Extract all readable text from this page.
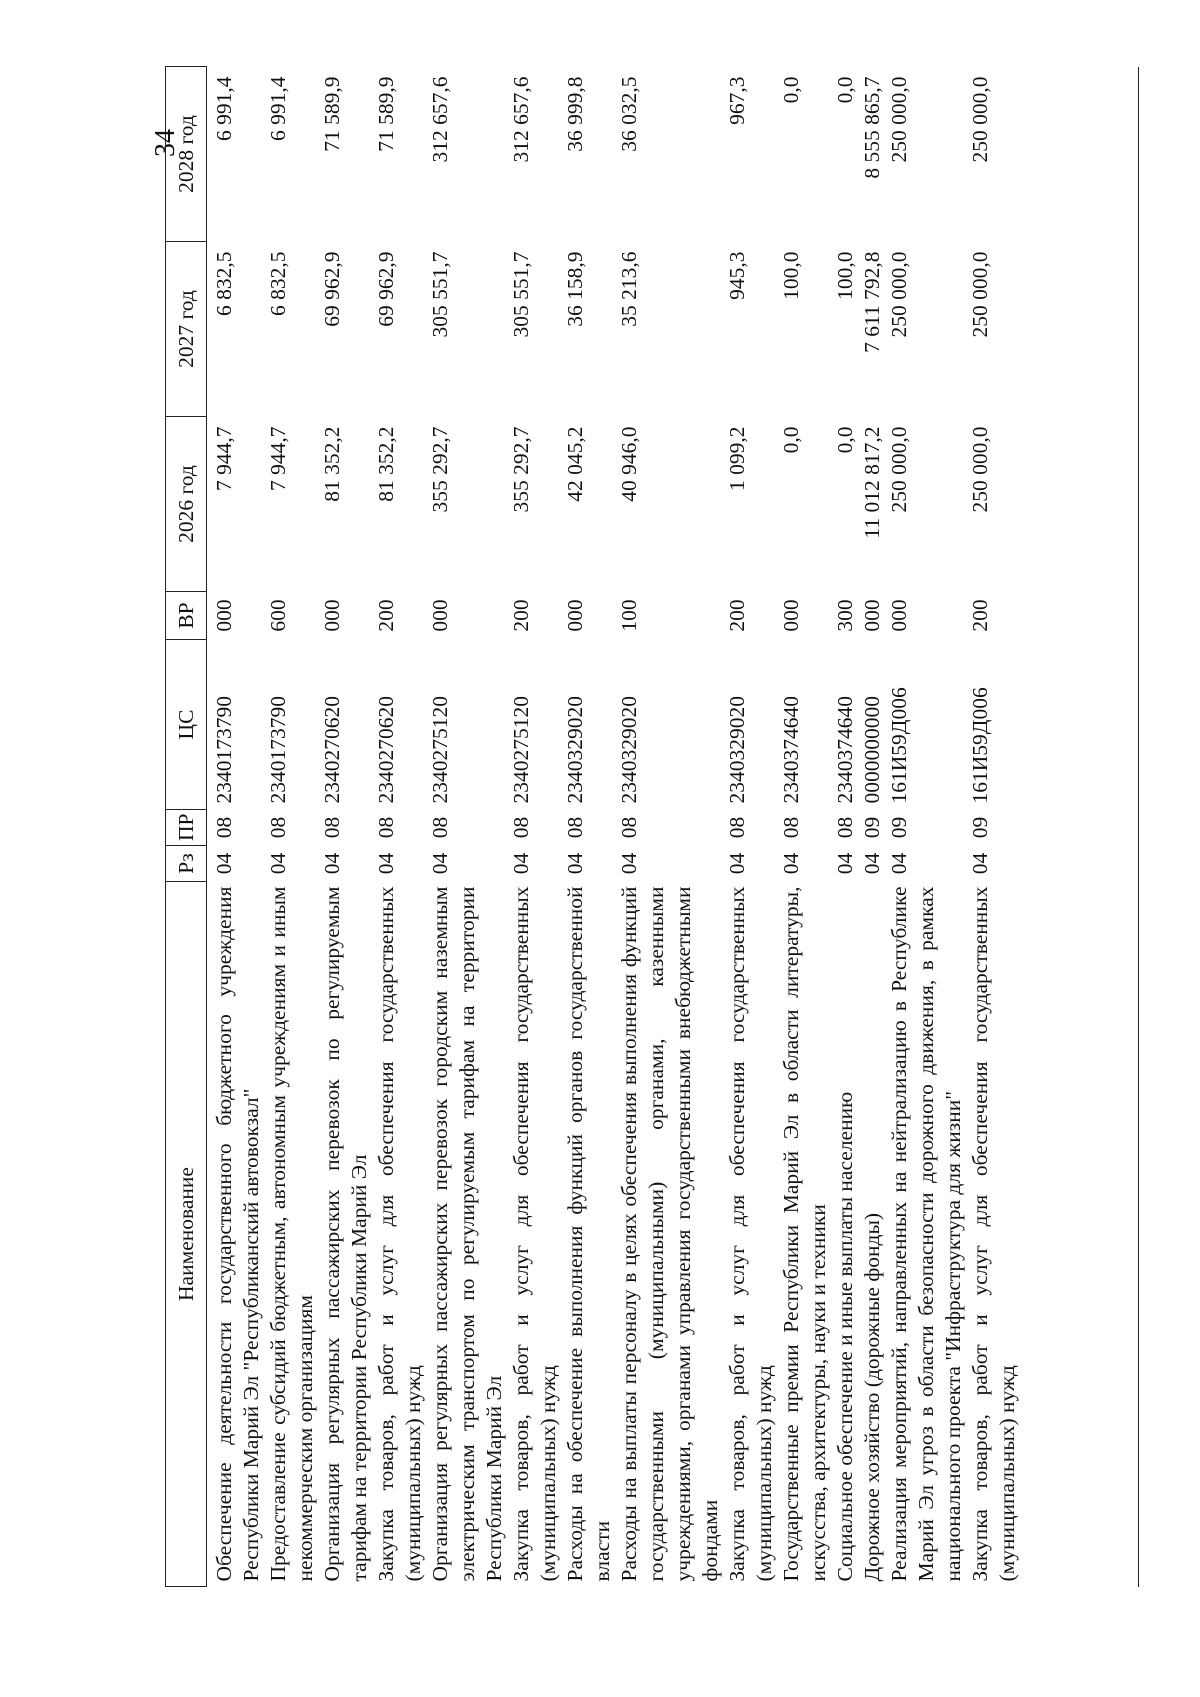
34
Наименование	Рз	ПР	ЦС	ВР	2026 год	2027 год	2028 год
Обеспечение деятельности государственного бюджетного учреждения Республики Марий Эл "Республиканский автовокзал"	04	08	2340173790	000	7 944,7	6 832,5	6 991,4
Предоставление субсидий бюджетным, автономным учреждениям и иным некоммерческим организациям	04	08	2340173790	600	7 944,7	6 832,5	6 991,4
Организация регулярных пассажирских перевозок по регулируемым тарифам на территории Республики Марий Эл	04	08	2340270620	000	81 352,2	69 962,9	71 589,9
Закупка товаров, работ и услуг для обеспечения государственных (муниципальных) нужд	04	08	2340270620	200	81 352,2	69 962,9	71 589,9
Организация регулярных пассажирских перевозок городским наземным электрическим транспортом по регулируемым тарифам на территории Республики Марий Эл	04	08	2340275120	000	355 292,7	305 551,7	312 657,6
Закупка товаров, работ и услуг для обеспечения государственных (муниципальных) нужд	04	08	2340275120	200	355 292,7	305 551,7	312 657,6
Расходы на обеспечение выполнения функций органов государственной власти	04	08	2340329020	000	42 045,2	36 158,9	36 999,8
Расходы на выплаты персоналу в целях обеспечения выполнения функций государственными (муниципальными) органами, казенными учреждениями, органами управления государственными внебюджетными фондами	04	08	2340329020	100	40 946,0	35 213,6	36 032,5
Закупка товаров, работ и услуг для обеспечения государственных (муниципальных) нужд	04	08	2340329020	200	1 099,2	945,3	967,3
Государственные премии Республики Марий Эл в области литературы, искусства, архитектуры, науки и техники	04	08	2340374640	000	0,0	100,0	0,0
Социальное обеспечение и иные выплаты населению	04	08	2340374640	300	0,0	100,0	0,0
Дорожное хозяйство (дорожные фонды)	04	09	0000000000	000	11 012 817,2	7 611 792,8	8 555 865,7
Реализация мероприятий, направленных на нейтрализацию в Республике Марий Эл угроз в области безопасности дорожного движения, в рамках национального проекта "Инфраструктура для жизни"	04	09	161И59Д006	000	250 000,0	250 000,0	250 000,0
Закупка товаров, работ и услуг для обеспечения государственных (муниципальных) нужд	04	09	161И59Д006	200	250 000,0	250 000,0	250 000,0
